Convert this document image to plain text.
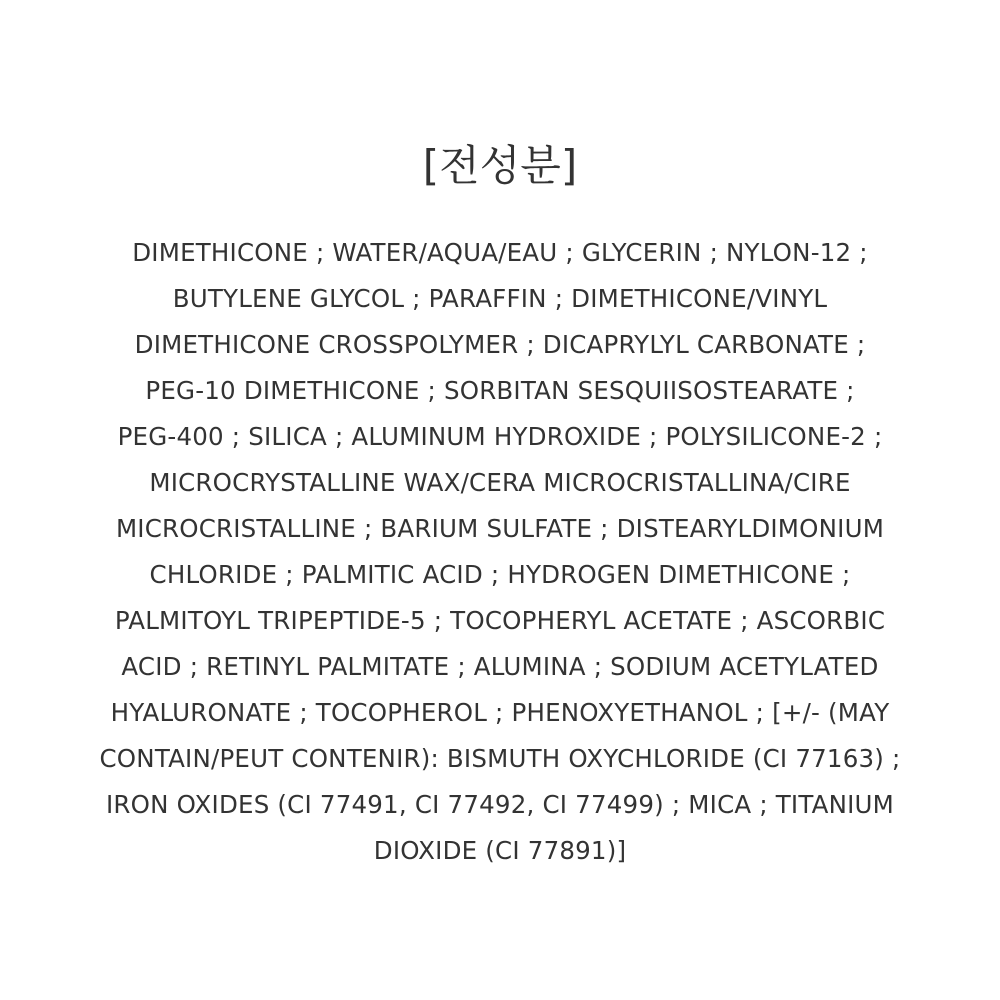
[전성분]
DIMETHICONE ; WATER/AQUA/EAU ; GLYCERIN ; NYLON-12 ;
BUTYLENE GLYCOL ; PARAFFIN ; DIMETHICONE/VINYL
DIMETHICONE CROSSPOLYMER ; DICAPRYLYL CARBONATE ;
PEG-10 DIMETHICONE ; SORBITAN SESQUIISOSTEARATE ;
PEG-400 ; SILICA ; ALUMINUM HYDROXIDE ; POLYSILICONE-2 ;
MICROCRYSTALLINE WAX/CERA MICROCRISTALLINA/CIRE
MICROCRISTALLINE ; BARIUM SULFATE ; DISTEARYLDIMONIUM
CHLORIDE ; PALMITIC ACID ; HYDROGEN DIMETHICONE ;
PALMITOYL TRIPEPTIDE-5 ; TOCOPHERYL ACETATE ; ASCORBIC
ACID ; RETINYL PALMITATE ; ALUMINA ; SODIUM ACETYLATED
HYALURONATE ; TOCOPHEROL ; PHENOXYETHANOL ; [+/- (MAY
CONTAIN/PEUT CONTENIR): BISMUTH OXYCHLORIDE (CI 77163) ;
IRON OXIDES (CI 77491, CI 77492, CI 77499) ; MICA ; TITANIUM
DIOXIDE (CI 77891)]
